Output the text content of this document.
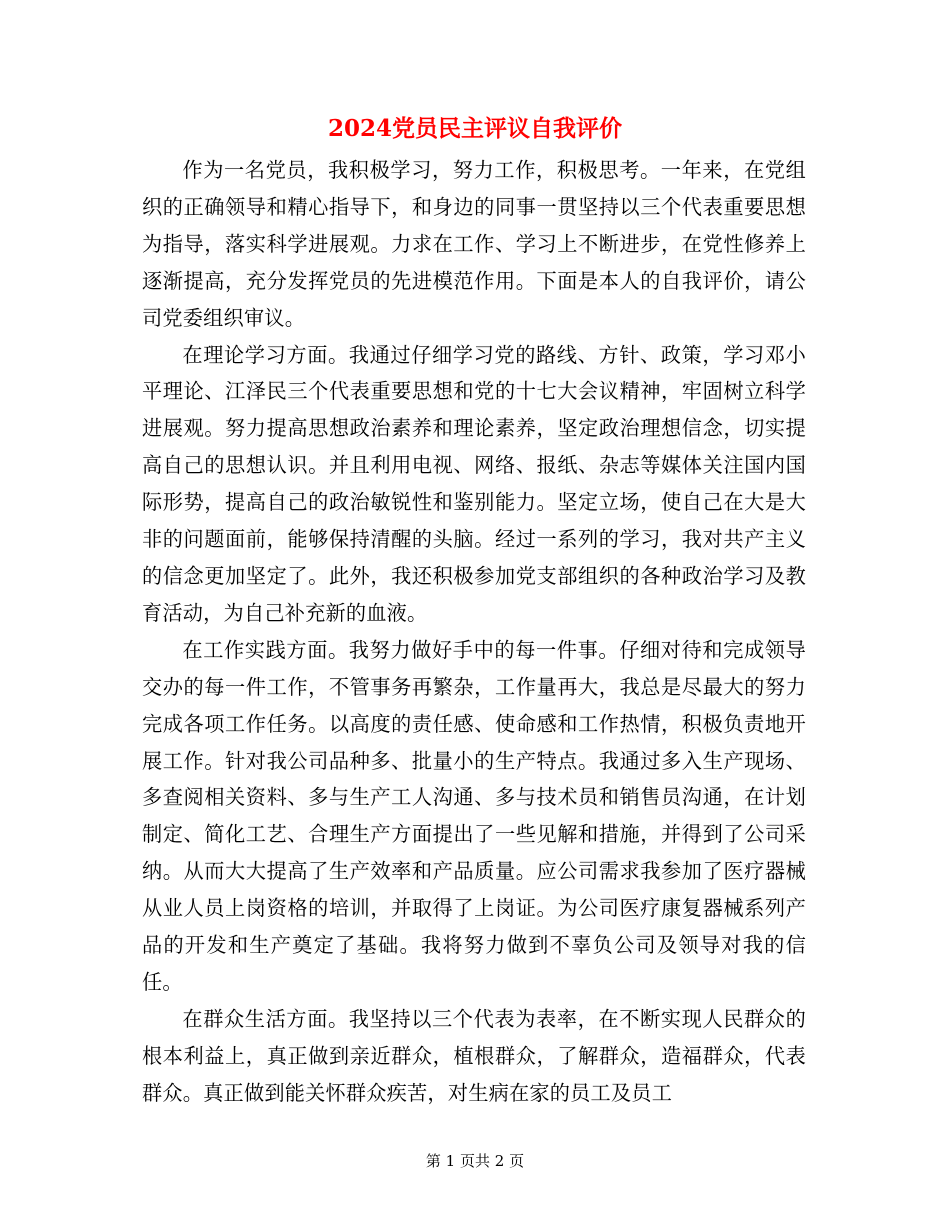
2024党员民主评议自我评价

作为一名党员，我积极学习，努力工作，积极思考。一年来，在党组织的正确领导和精心指导下，和身边的同事一贯坚持以三个代表重要思想为指导，落实科学进展观。力求在工作、学习上不断进步，在党性修养上逐渐提高，充分发挥党员的先进模范作用。下面是本人的自我评价，请公司党委组织审议。

在理论学习方面。我通过仔细学习党的路线、方针、政策，学习邓小平理论、江泽民三个代表重要思想和党的十七大会议精神，牢固树立科学进展观。努力提高思想政治素养和理论素养，坚定政治理想信念，切实提高自己的思想认识。并且利用电视、网络、报纸、杂志等媒体关注国内国际形势，提高自己的政治敏锐性和鉴别能力。坚定立场，使自己在大是大非的问题面前，能够保持清醒的头脑。经过一系列的学习，我对共产主义的信念更加坚定了。此外，我还积极参加党支部组织的各种政治学习及教育活动，为自己补充新的血液。

在工作实践方面。我努力做好手中的每一件事。仔细对待和完成领导交办的每一件工作，不管事务再繁杂，工作量再大，我总是尽最大的努力完成各项工作任务。以高度的责任感、使命感和工作热情，积极负责地开展工作。针对我公司品种多、批量小的生产特点。我通过多入生产现场、多查阅相关资料、多与生产工人沟通、多与技术员和销售员沟通，在计划制定、简化工艺、合理生产方面提出了一些见解和措施，并得到了公司采纳。从而大大提高了生产效率和产品质量。应公司需求我参加了医疗器械从业人员上岗资格的培训，并取得了上岗证。为公司医疗康复器械系列产品的开发和生产奠定了基础。我将努力做到不辜负公司及领导对我的信任。

在群众生活方面。我坚持以三个代表为表率，在不断实现人民群众的根本利益上，真正做到亲近群众，植根群众，了解群众，造福群众，代表群众。真正做到能关怀群众疾苦，对生病在家的员工及员工

第 1 页共 2 页
